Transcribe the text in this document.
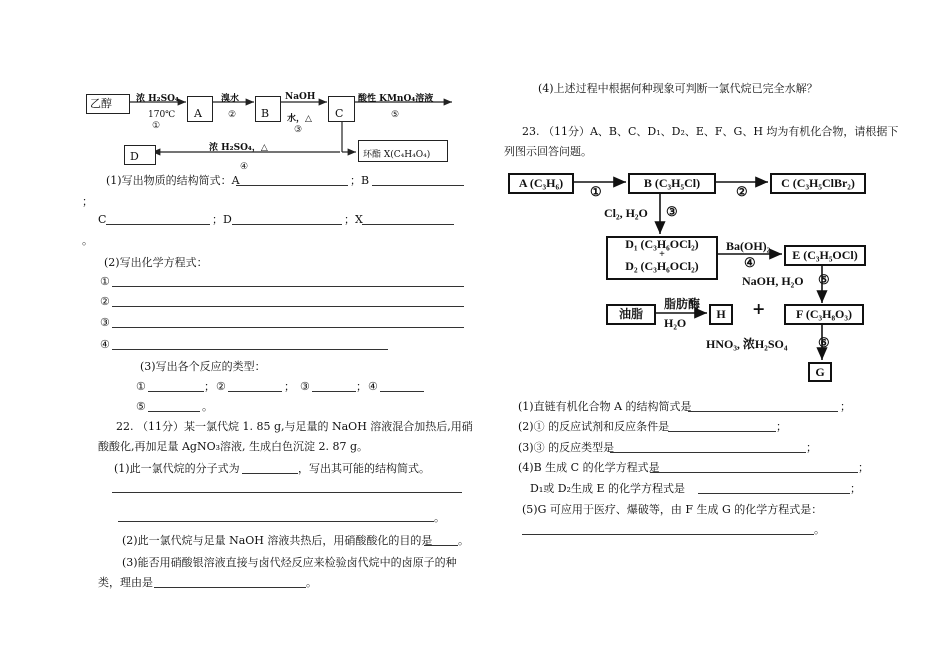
乙醇
A	B	C
D	环酯 X(C₄H₄O₄)
浓 H₂SO₄
170℃
①
溴水
②
NaOH
水，△
③
酸性 KMnO₄溶液
⑤
浓 H₂SO₄，△
④
(1)写出物质的结构简式：A	；B
；
C	；D	；X
。
(2)写出化学方程式：
①
②
③
④
(3)写出各个反应的类型：
①	； ②	； ③	； ④
⑤	。
22. （11分）某一氯代烷 1. 85 g,与足量的 NaOH 溶液混合加热后,用硝
酸酸化,再加足量 AgNO₃溶液, 生成白色沉淀 2. 87 g。
(1)此一氯代烷的分子式为	，写出其可能的结构简式。
。
(2)此一氯代烷与足量 NaOH 溶液共热后，用硝酸酸化的目的是 。
(3)能否用硝酸银溶液直接与卤代烃反应来检验卤代烷中的卤原子的种
类，理由是	。
(4)上述过程中根据何种现象可判断一氯代烷已完全水解？
23. （11分）A、B、C、D₁、D₂、E、F、G、H 均为有机化合物，请根据下
列图示回答问题。
A (C₃H₆)	B (C₃H₅Cl)	C (C₃H₅ClBr₂)
①	②
Cl₂, H₂O ③
D₁ (C₃H₆OCl₂)
+
D₂ (C₃H₆OCl₂)
Ba(OH)₂
④
E (C₃H₅OCl)
NaOH, H₂O ⑤
油脂
脂肪酶
H₂O
H	+	F (C₃H₈O₃)
HNO₃, 浓H₂SO₄ ⑥
G
(1)直链有机化合物 A 的结构简式是	；
(2)① 的反应试剂和反应条件是	；
(3)③ 的反应类型是	；
(4)B 生成 C 的化学方程式是	；
D₁或 D₂生成 E 的化学方程式是	；
(5)G 可应用于医疗、爆破等，由 F 生成 G 的化学方程式是：
。
